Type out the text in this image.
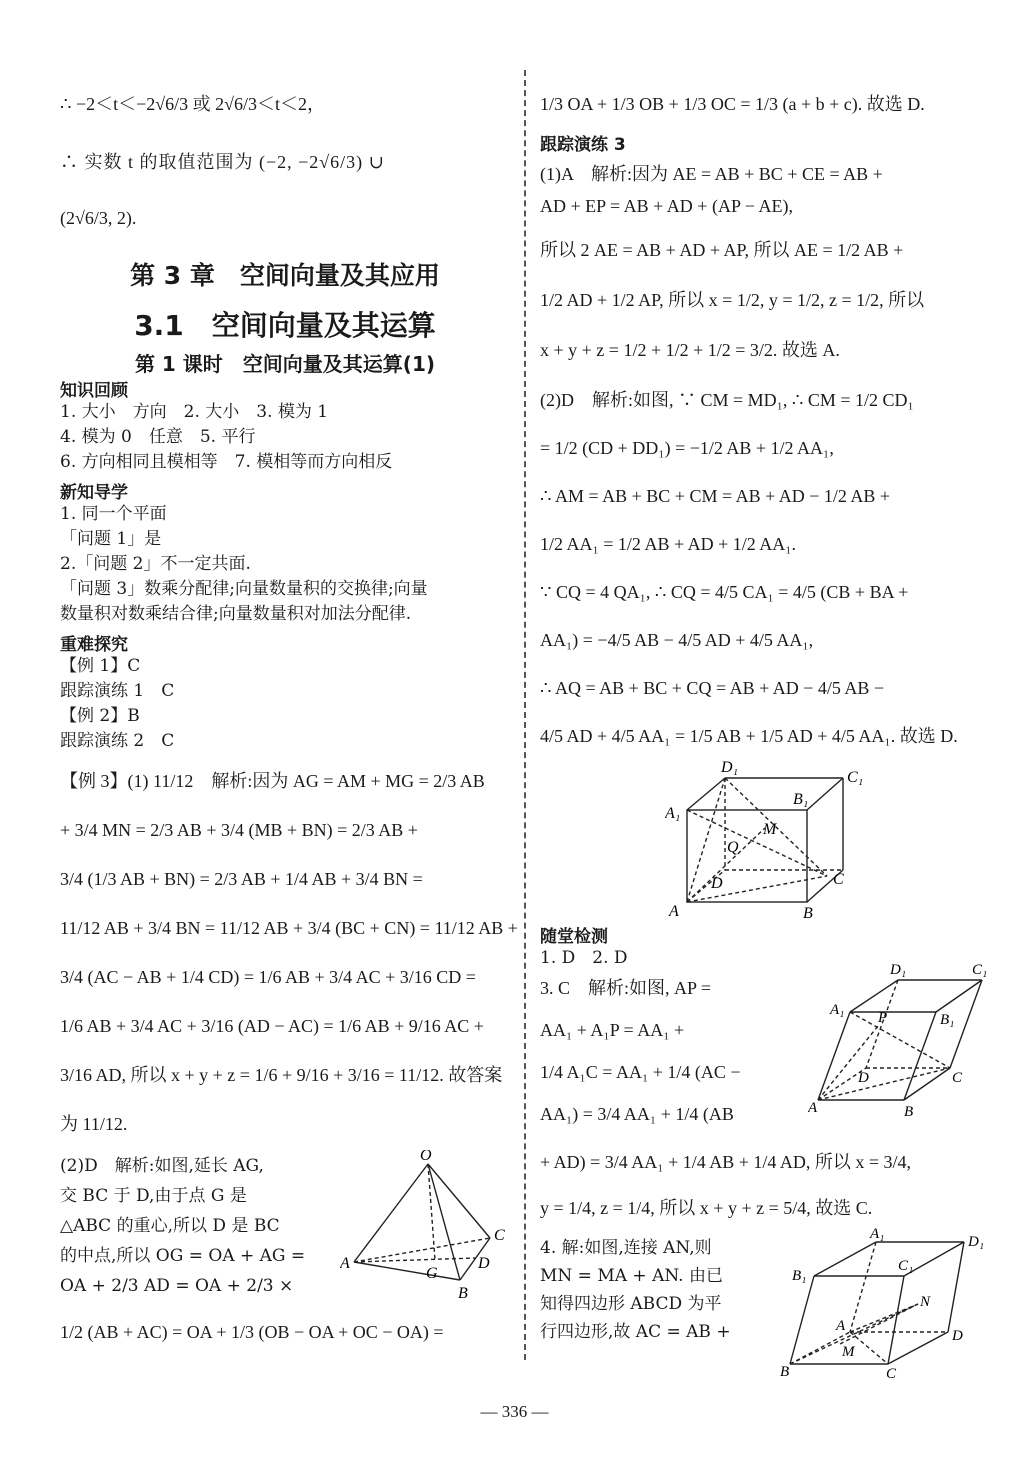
∴ −2＜t＜−2√6/3 或 2√6/3＜t＜2，
∴ 实数 t 的取值范围为 (−2, −2√6/3) ∪
(2√6/3, 2).
第 3 章　空间向量及其应用
3.1　空间向量及其运算
第 1 课时　空间向量及其运算(1)
知识回顾
1. 大小　方向　2. 大小　3. 模为 1
4. 模为 0　任意　5. 平行
6. 方向相同且模相等　7. 模相等而方向相反
新知导学
1. 同一个平面
「问题 1」是
2.「问题 2」不一定共面.
「问题 3」数乘分配律;向量数量积的交换律;向量
数量积对数乘结合律;向量数量积对加法分配律.
重难探究
【例 1】C
跟踪演练 1　C
【例 2】B
跟踪演练 2　C
【例 3】(1) 11/12　解析:因为 AG = AM + MG = 2/3 AB
+ 3/4 MN = 2/3 AB + 3/4 (MB + BN) = 2/3 AB +
3/4 (1/3 AB + BN) = 2/3 AB + 1/4 AB + 3/4 BN =
11/12 AB + 3/4 BN = 11/12 AB + 3/4 (BC + CN) = 11/12 AB +
3/4 (AC − AB + 1/4 CD) = 1/6 AB + 3/4 AC + 3/16 CD =
1/6 AB + 3/4 AC + 3/16 (AD − AC) = 1/6 AB + 9/16 AC +
3/16 AD, 所以 x + y + z = 1/6 + 9/16 + 3/16 = 11/12. 故答案
为 11/12.
(2)D　解析:如图,延长 AG,
交 BC 于 D,由于点 G 是
△ABC 的重心,所以 D 是 BC
的中点,所以 OG = OA + AG =
OA + 2/3 AD = OA + 2/3 ×
1/2 (AB + AC) = OA + 1/3 (OB − OA + OC − OA) =
O
C
A
G
D
B
1/3 OA + 1/3 OB + 1/3 OC = 1/3 (a + b + c). 故选 D.
跟踪演练 3
(1)A　解析:因为 AE = AB + BC + CE = AB +
AD + EP = AB + AD + (AP − AE),
所以 2 AE = AB + AD + AP, 所以 AE = 1/2 AB +
1/2 AD + 1/2 AP, 所以 x = 1/2, y = 1/2, z = 1/2, 所以
x + y + z = 1/2 + 1/2 + 1/2 = 3/2. 故选 A.
(2)D　解析:如图, ∵ CM = MD₁, ∴ CM = 1/2 CD₁
= 1/2 (CD + DD₁) = −1/2 AB + 1/2 AA₁,
∴ AM = AB + BC + CM = AB + AD − 1/2 AB +
1/2 AA₁ = 1/2 AB + AD + 1/2 AA₁.
∵ CQ = 4 QA₁, ∴ CQ = 4/5 CA₁ = 4/5 (CB + BA +
AA₁) = −4/5 AB − 4/5 AD + 4/5 AA₁,
∴ AQ = AB + BC + CQ = AB + AD − 4/5 AB −
4/5 AD + 4/5 AA₁ = 1/5 AB + 1/5 AD + 4/5 AA₁. 故选 D.
D₁
C₁
B₁
A₁
M
Q
D	C
A	B
随堂检测
1. D　2. D
3. C　解析:如图, AP =
AA₁ + A₁P = AA₁ +
1/4 A₁C = AA₁ + 1/4 (AC −
AA₁) = 3/4 AA₁ + 1/4 (AB
+ AD) = 3/4 AA₁ + 1/4 AB + 1/4 AD, 所以 x = 3/4,
y = 1/4, z = 1/4, 所以 x + y + z = 5/4, 故选 C.
D₁	C₁
A₁ P	B₁
D	C
A	B
4. 解:如图,连接 AN,则
MN = MA + AN. 由已
知得四边形 ABCD 为平
行四边形,故 AC = AB +
A₁	D₁
B₁
C₁
N
A
D
M
B	C
— 336 —
